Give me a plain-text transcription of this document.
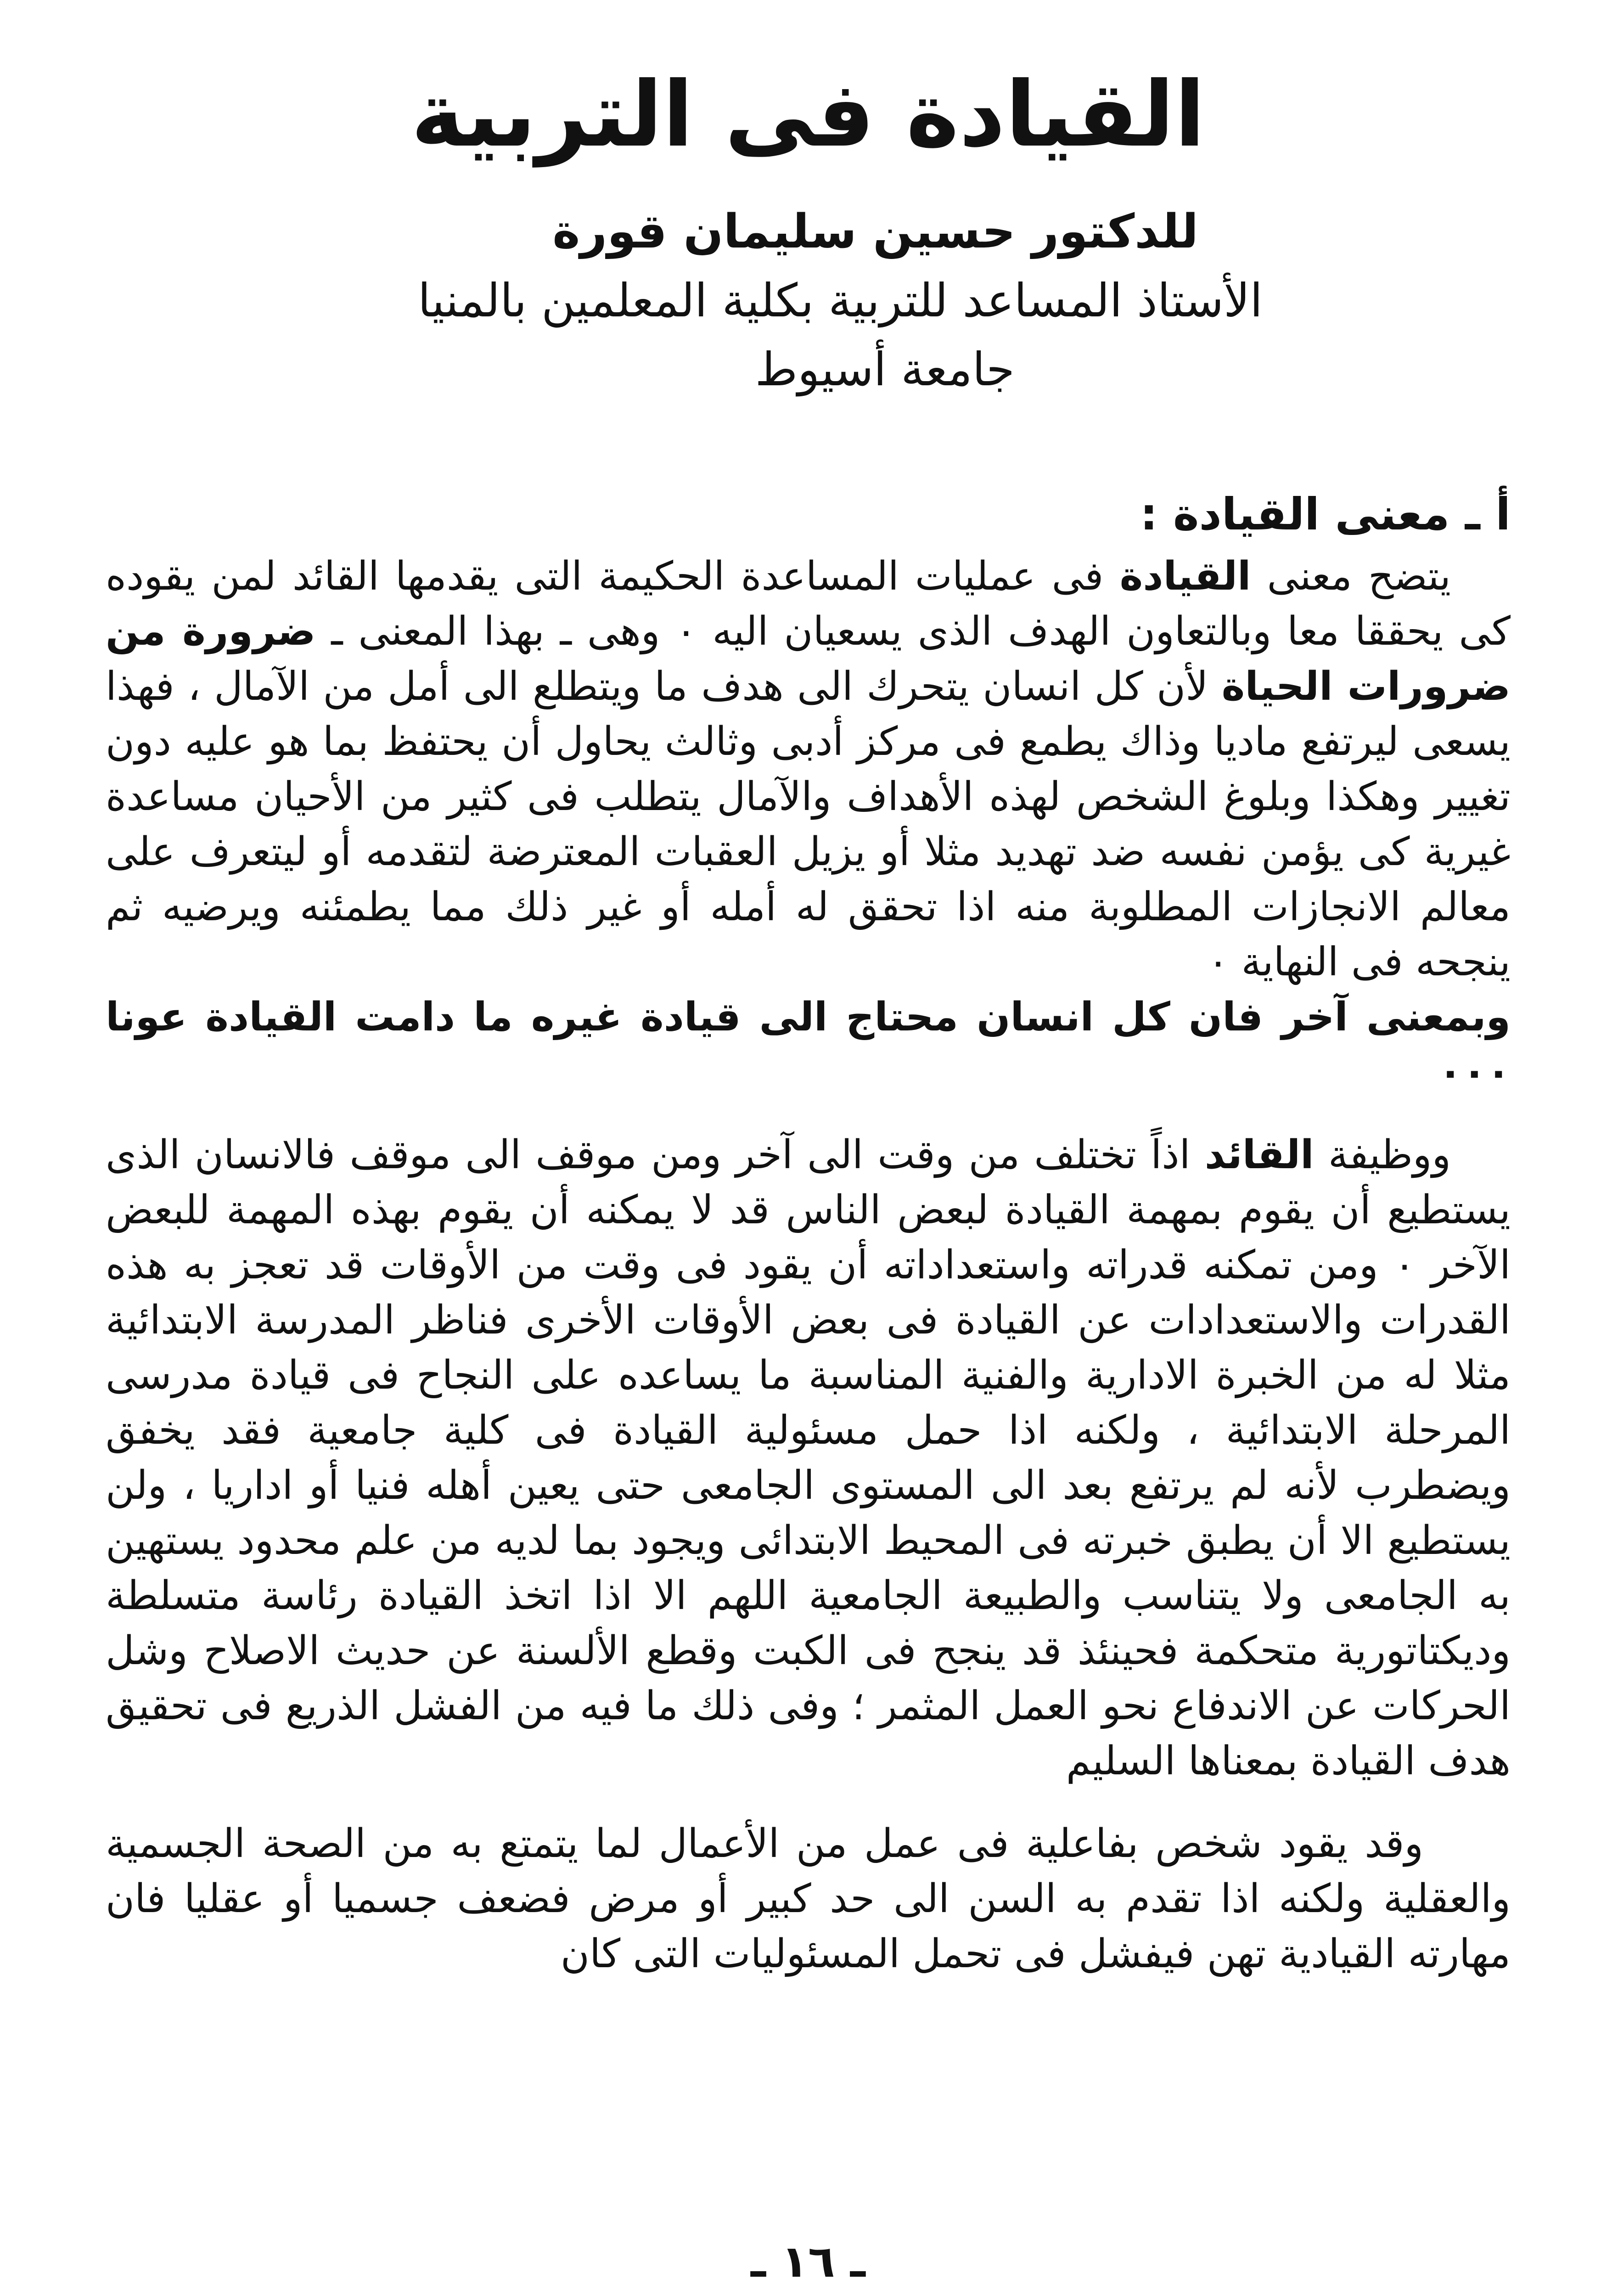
القيادة فى التربية
للدكتور حسين سليمان قورة
الأستاذ المساعد للتربية بكلية المعلمين بالمنيا
جامعة أسيوط
أ ـ معنى القيادة :

يتضح معنى القيادة فى عمليات المساعدة الحكيمة التى يقدمها القائد لمن يقوده كى يحققا معا وبالتعاون الهدف الذى يسعيان اليه ٠ وهى ـ بهذا المعنى ـ ضرورة من ضرورات الحياة لأن كل انسان يتحرك الى هدف ما ويتطلع الى أمل من الآمال ، فهذا يسعى ليرتفع ماديا وذاك يطمع فى مركز أدبى وثالث يحاول أن يحتفظ بما هو عليه دون تغيير وهكذا وبلوغ الشخص لهذه الأهداف والآمال يتطلب فى كثير من الأحيان مساعدة غيرية كى يؤمن نفسه ضد تهديد مثلا أو يزيل العقبات المعترضة لتقدمه أو ليتعرف على معالم الانجازات المطلوبة منه اذا تحقق له أمله أو غير ذلك مما يطمئنه ويرضيه ثم ينجحه فى النهاية ٠
وبمعنى آخر فان كل انسان محتاج الى قيادة غيره ما دامت القيادة عونا ٠٠٠

ووظيفة القائد اذاً تختلف من وقت الى آخر ومن موقف الى موقف فالانسان الذى يستطيع أن يقوم بمهمة القيادة لبعض الناس قد لا يمكنه أن يقوم بهذه المهمة للبعض الآخر ٠ ومن تمكنه قدراته واستعداداته أن يقود فى وقت من الأوقات قد تعجز به هذه القدرات والاستعدادات عن القيادة فى بعض الأوقات الأخرى فناظر المدرسة الابتدائية مثلا له من الخبرة الادارية والفنية المناسبة ما يساعده على النجاح فى قيادة مدرسى المرحلة الابتدائية ، ولكنه اذا حمل مسئولية القيادة فى كلية جامعية فقد يخفق ويضطرب لأنه لم يرتفع بعد الى المستوى الجامعى حتى يعين أهله فنيا أو اداريا ، ولن يستطيع الا أن يطبق خبرته فى المحيط الابتدائى ويجود بما لديه من علم محدود يستهين به الجامعى ولا يتناسب والطبيعة الجامعية اللهم الا اذا اتخذ القيادة رئاسة متسلطة وديكتاتورية متحكمة فحينئذ قد ينجح فى الكبت وقطع الألسنة عن حديث الاصلاح وشل الحركات عن الاندفاع نحو العمل المثمر ؛ وفى ذلك ما فيه من الفشل الذريع فى تحقيق هدف القيادة بمعناها السليم

وقد يقود شخص بفاعلية فى عمل من الأعمال لما يتمتع به من الصحة الجسمية والعقلية ولكنه اذا تقدم به السن الى حد كبير أو مرض فضعف جسميا أو عقليا فان مهارته القيادية تهن فيفشل فى تحمل المسئوليات التى كان

ـ ١٦ ـ
